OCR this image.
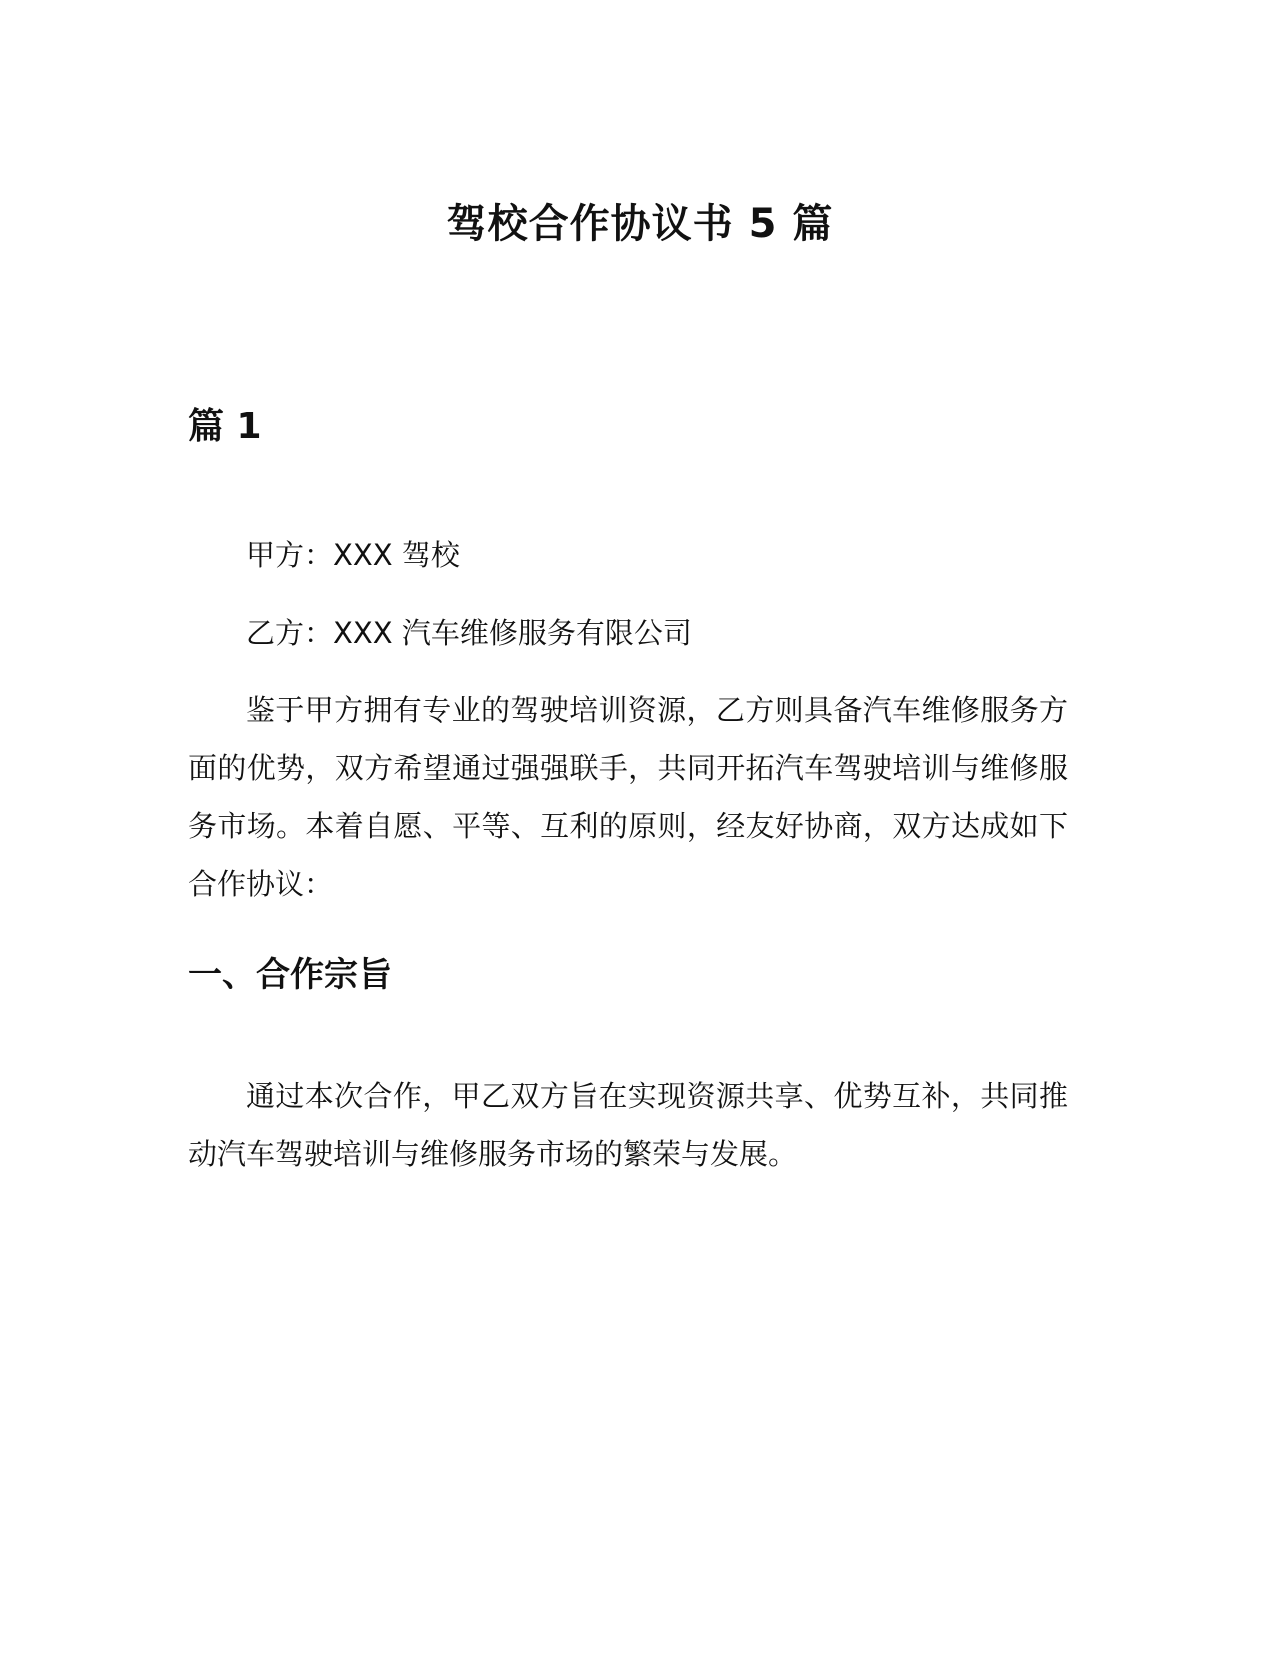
驾校合作协议书 5 篇
篇 1

甲方：XXX 驾校

乙方：XXX 汽车维修服务有限公司

鉴于甲方拥有专业的驾驶培训资源，乙方则具备汽车维修服务方面的优势，双方希望通过强强联手，共同开拓汽车驾驶培训与维修服务市场。本着自愿、平等、互利的原则，经友好协商，双方达成如下合作协议：

一、合作宗旨

通过本次合作，甲乙双方旨在实现资源共享、优势互补，共同推动汽车驾驶培训与维修服务市场的繁荣与发展。
